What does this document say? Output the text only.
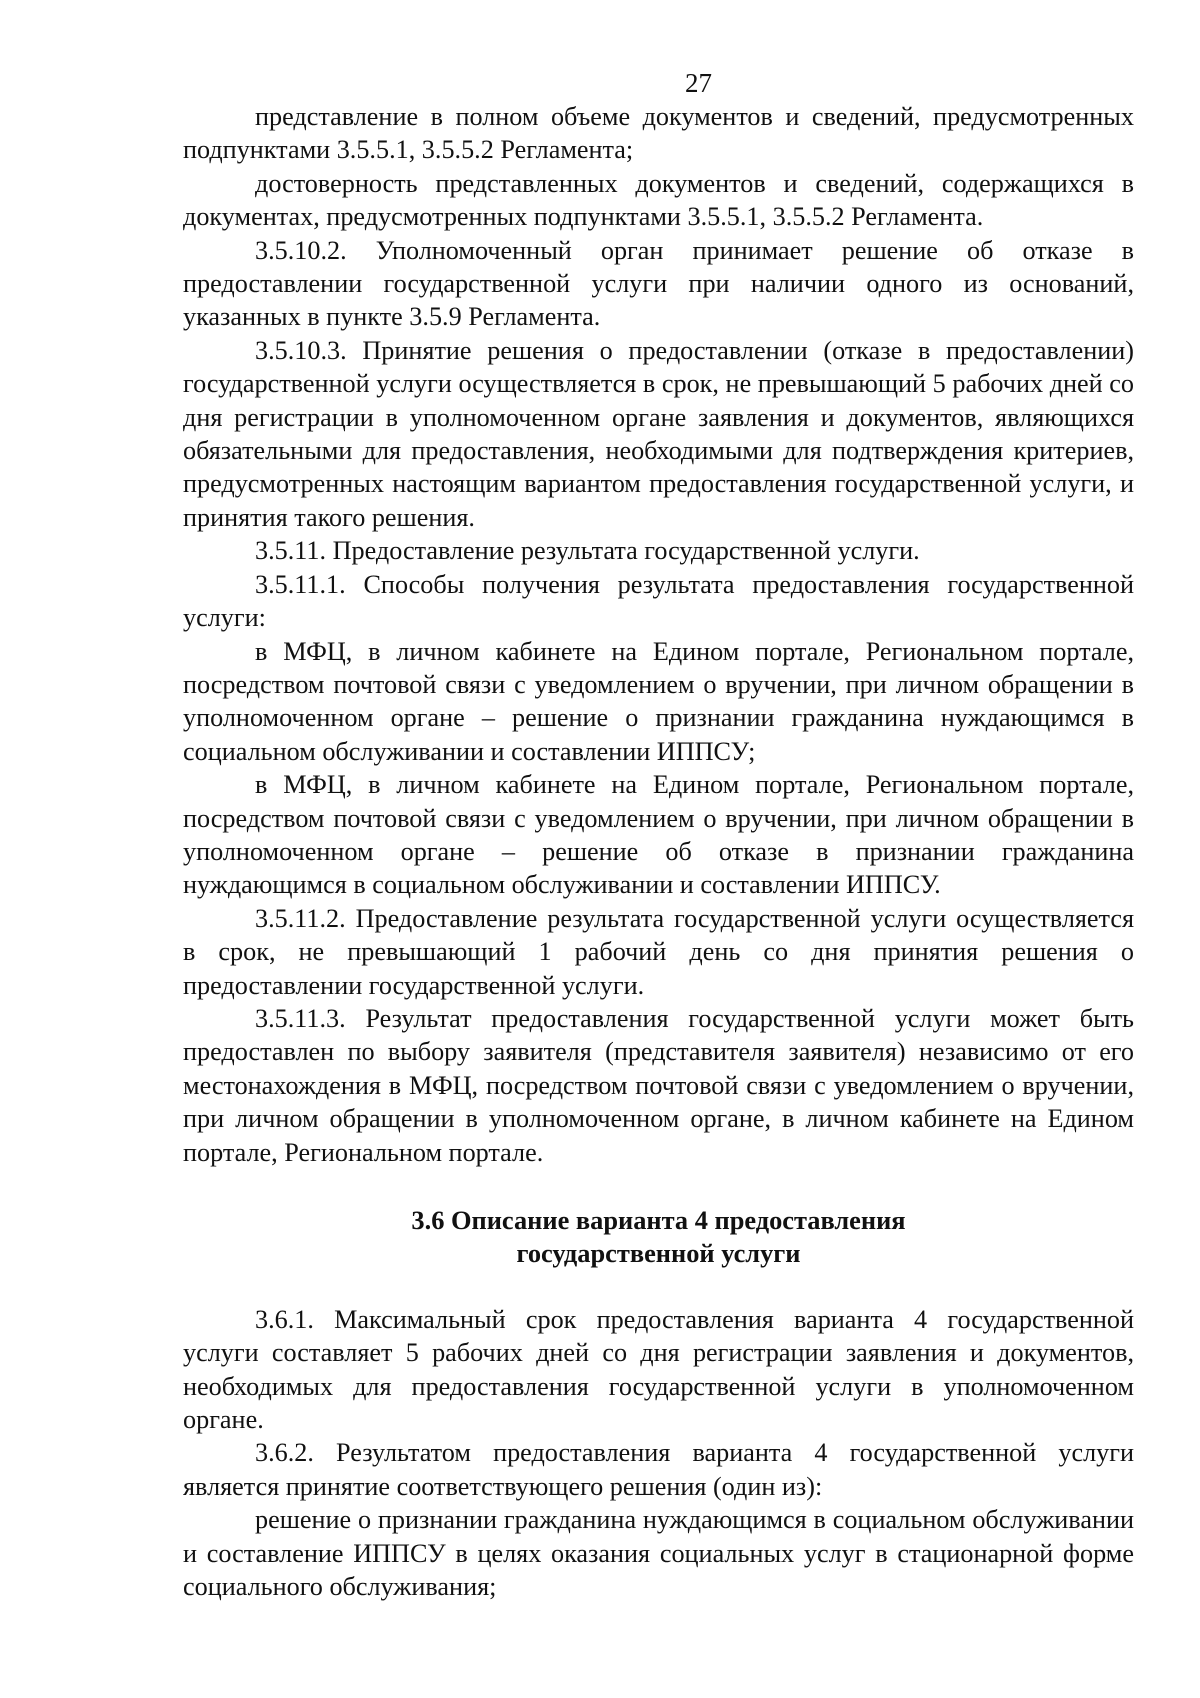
27

представление в полном объеме документов и сведений, предусмотренных подпунктами 3.5.5.1, 3.5.5.2 Регламента;

достоверность представленных документов и сведений, содержащихся в документах, предусмотренных подпунктами 3.5.5.1, 3.5.5.2 Регламента.

3.5.10.2. Уполномоченный орган принимает решение об отказе в предоставлении государственной услуги при наличии одного из оснований, указанных в пункте 3.5.9 Регламента.

3.5.10.3. Принятие решения о предоставлении (отказе в предоставлении) государственной услуги осуществляется в срок, не превышающий 5 рабочих дней со дня регистрации в уполномоченном органе заявления и документов, являющихся обязательными для предоставления, необходимыми для подтверждения критериев, предусмотренных настоящим вариантом предоставления государственной услуги, и принятия такого решения.

3.5.11. Предоставление результата государственной услуги.

3.5.11.1. Способы получения результата предоставления государственной услуги:

в МФЦ, в личном кабинете на Едином портале, Региональном портале, посредством почтовой связи с уведомлением о вручении, при личном обращении в уполномоченном органе – решение о признании гражданина нуждающимся в социальном обслуживании и составлении ИППСУ;

в МФЦ, в личном кабинете на Едином портале, Региональном портале, посредством почтовой связи с уведомлением о вручении, при личном обращении в уполномоченном органе – решение об отказе в признании гражданина нуждающимся в социальном обслуживании и составлении ИППСУ.

3.5.11.2. Предоставление результата государственной услуги осуществляется в срок, не превышающий 1 рабочий день со дня принятия решения о предоставлении государственной услуги.

3.5.11.3. Результат предоставления государственной услуги может быть предоставлен по выбору заявителя (представителя заявителя) независимо от его местонахождения в МФЦ, посредством почтовой связи с уведомлением о вручении, при личном обращении в уполномоченном органе, в личном кабинете на Едином портале, Региональном портале.

3.6 Описание варианта 4 предоставления
государственной услуги

3.6.1. Максимальный срок предоставления варианта 4 государственной услуги составляет 5 рабочих дней со дня регистрации заявления и документов, необходимых для предоставления государственной услуги в уполномоченном органе.

3.6.2. Результатом предоставления варианта 4 государственной услуги является принятие соответствующего решения (один из):

решение о признании гражданина нуждающимся в социальном обслуживании и составление ИППСУ в целях оказания социальных услуг в стационарной форме социального обслуживания;
